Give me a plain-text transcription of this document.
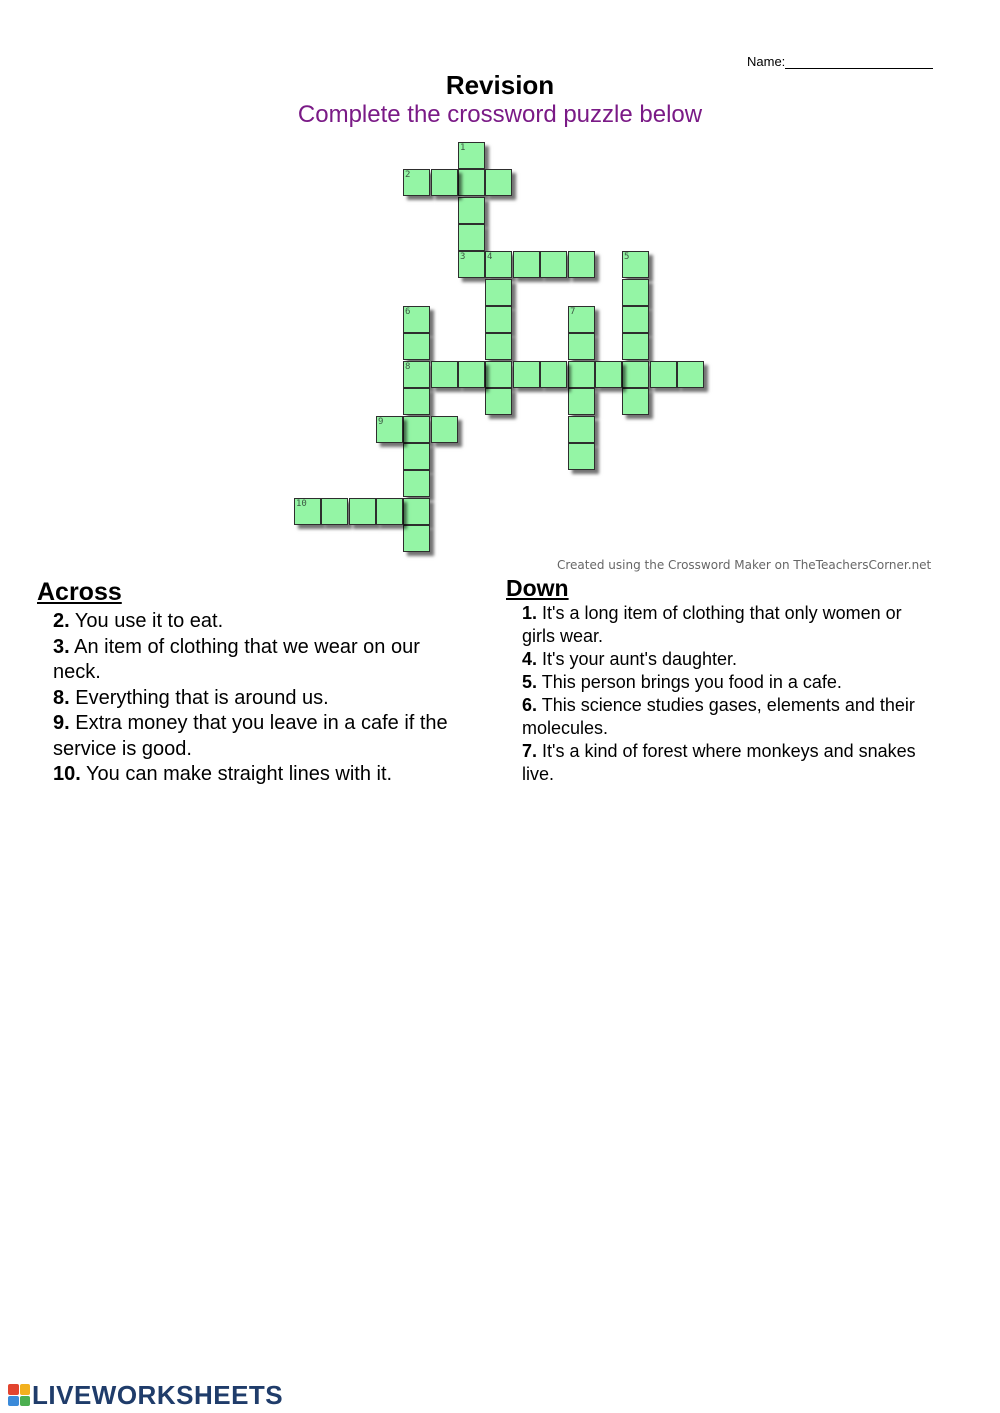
Name:
Revision
Complete the crossword puzzle below
1
2
3 4	5
6
8
7
9
10
Created using the Crossword Maker on TheTeachersCorner.net
Across
2. You use it to eat.
3. An item of clothing that we wear on our neck.
8. Everything that is around us.
9. Extra money that you leave in a cafe if the service is good.
10. You can make straight lines with it.
Down
1. It's a long item of clothing that only women or girls wear.
4. It's your aunt's daughter.
5. This person brings you food in a cafe.
6. This science studies gases, elements and their molecules.
7. It's a kind of forest where monkeys and snakes live.
LIVEWORKSHEETS
